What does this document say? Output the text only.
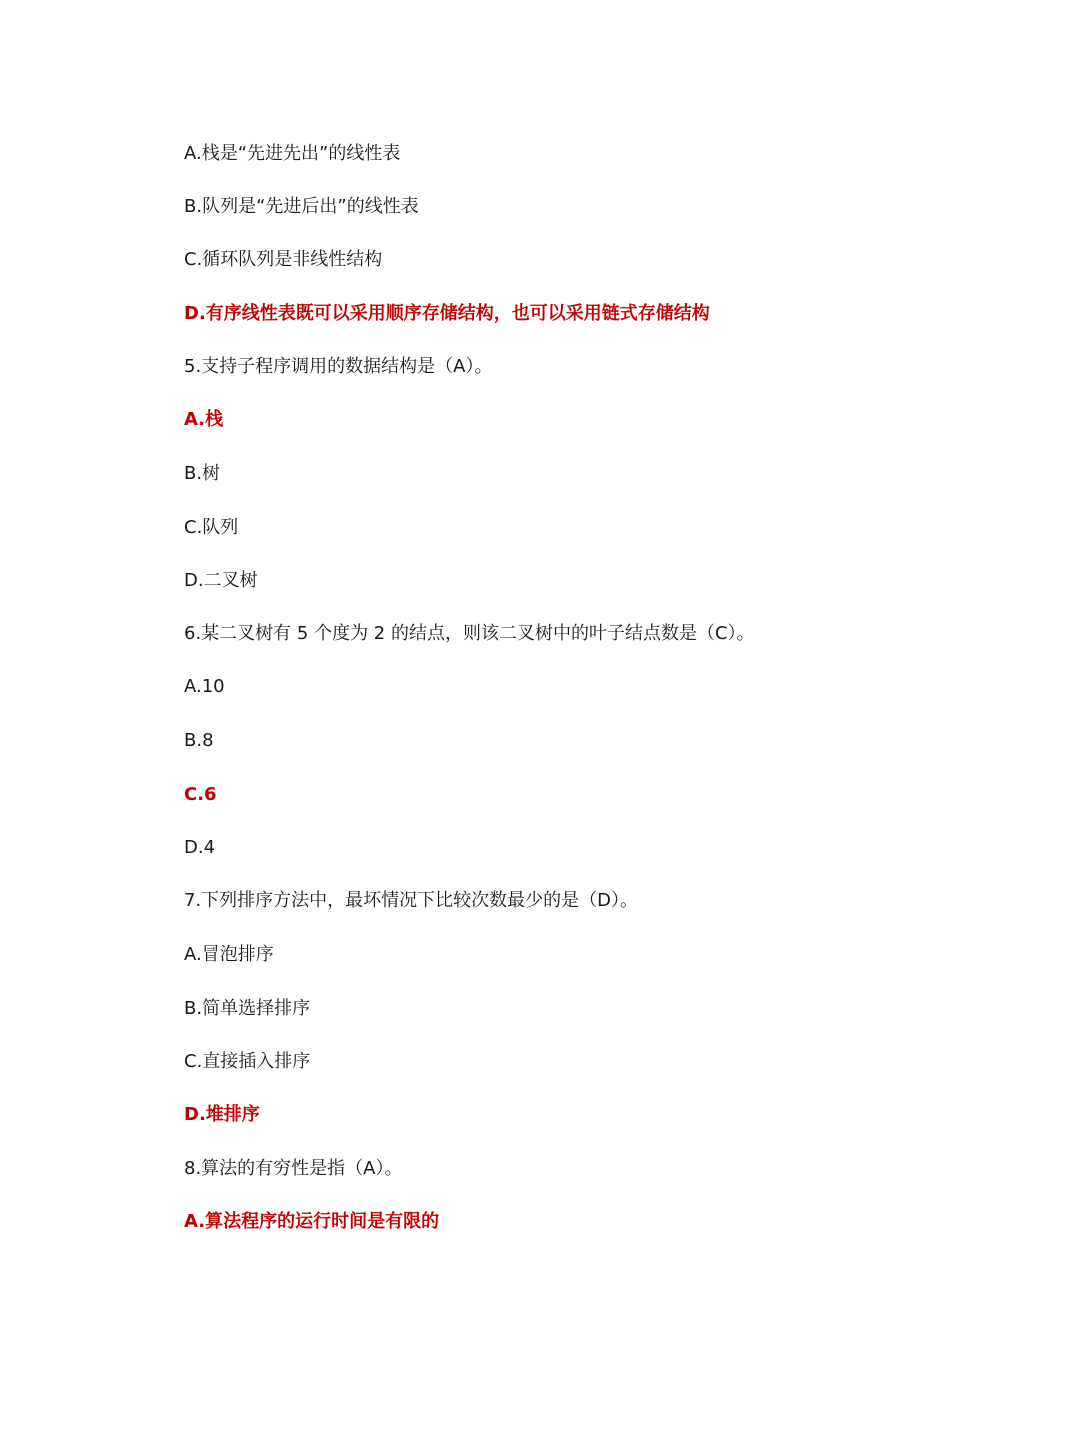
A.栈是“先进先出”的线性表
B.队列是“先进后出”的线性表
C.循环队列是非线性结构
D.有序线性表既可以采用顺序存储结构，也可以采用链式存储结构
5.支持子程序调用的数据结构是（A）。
A.栈
B.树
C.队列
D.二叉树
6.某二叉树有 5 个度为 2 的结点，则该二叉树中的叶子结点数是（C）。
A.10
B.8
C.6
D.4
7.下列排序方法中，最坏情况下比较次数最少的是（D）。
A.冒泡排序
B.简单选择排序
C.直接插入排序
D.堆排序
8.算法的有穷性是指（A）。
A.算法程序的运行时间是有限的
